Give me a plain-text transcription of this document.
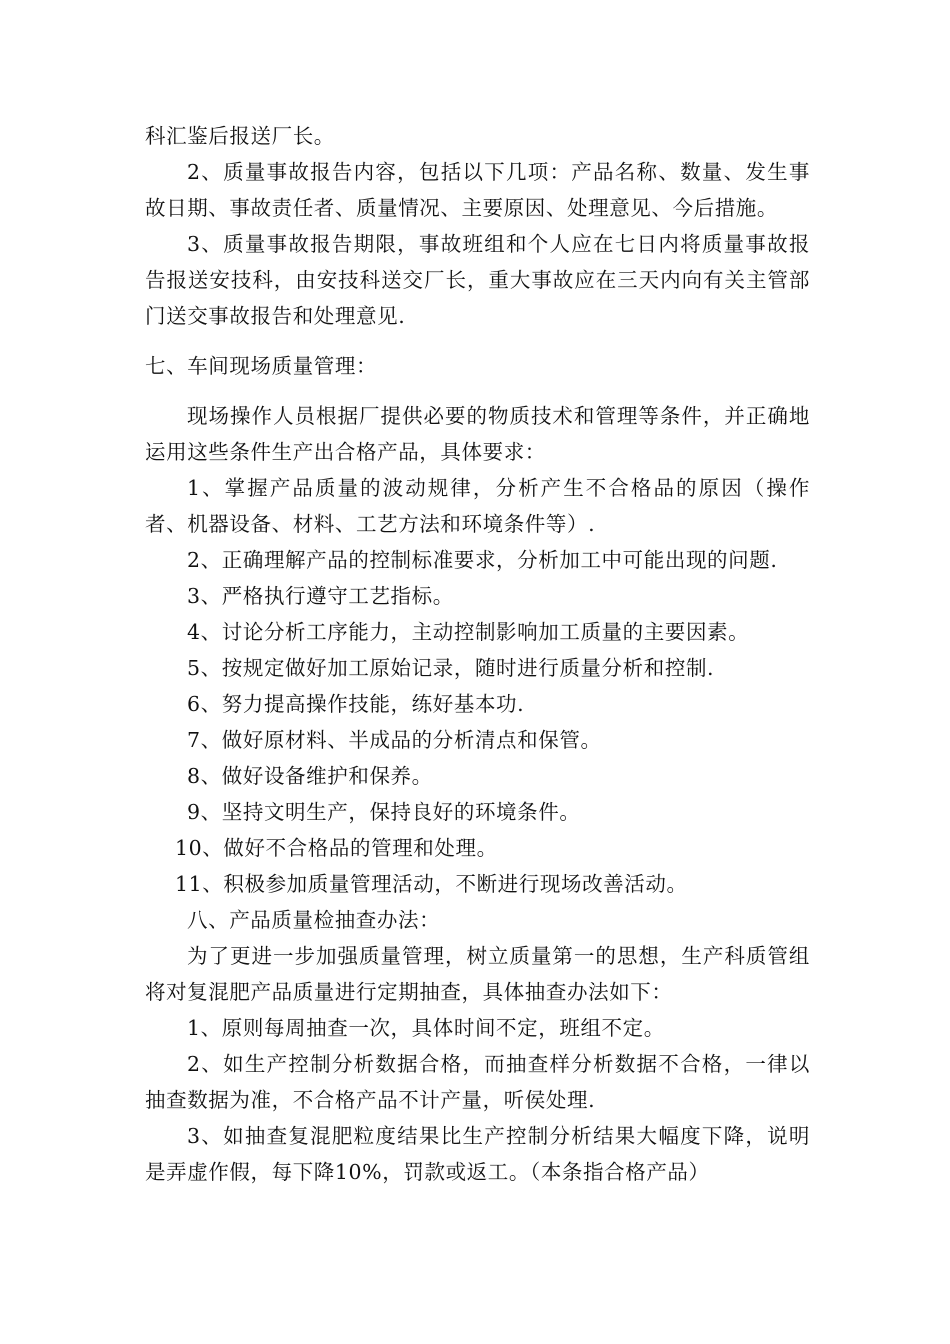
科汇鉴后报送厂长。

2、质量事故报告内容，包括以下几项：产品名称、数量、发生事故日期、事故责任者、质量情况、主要原因、处理意见、今后措施。

3、质量事故报告期限，事故班组和个人应在七日内将质量事故报告报送安技科，由安技科送交厂长，重大事故应在三天内向有关主管部门送交事故报告和处理意见.

七、车间现场质量管理：

现场操作人员根据厂提供必要的物质技术和管理等条件，并正确地运用这些条件生产出合格产品，具体要求：

1、掌握产品质量的波动规律，分析产生不合格品的原因（操作者、机器设备、材料、工艺方法和环境条件等）.

2、正确理解产品的控制标准要求，分析加工中可能出现的问题.

3、严格执行遵守工艺指标。

4、讨论分析工序能力，主动控制影响加工质量的主要因素。

5、按规定做好加工原始记录，随时进行质量分析和控制.

6、努力提高操作技能，练好基本功.

7、做好原材料、半成品的分析清点和保管。

8、做好设备维护和保养。

9、坚持文明生产，保持良好的环境条件。

10、做好不合格品的管理和处理。

11、积极参加质量管理活动，不断进行现场改善活动。

八、产品质量检抽查办法：

为了更进一步加强质量管理，树立质量第一的思想，生产科质管组将对复混肥产品质量进行定期抽查，具体抽查办法如下：

1、原则每周抽查一次，具体时间不定，班组不定。

2、如生产控制分析数据合格，而抽查样分析数据不合格，一律以抽查数据为准，不合格产品不计产量，听侯处理.

3、如抽查复混肥粒度结果比生产控制分析结果大幅度下降，说明是弄虚作假，每下降10%，罚款或返工。（本条指合格产品）
